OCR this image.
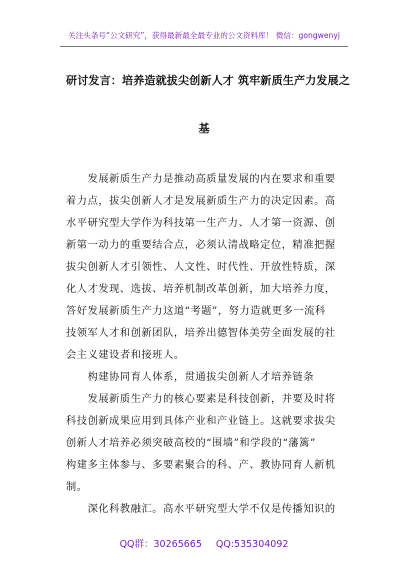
关注头条号“公文研究”，获得最新最全最专业的公文资料库！ 微信：gongwenyj
研讨发言：培养造就拔尖创新人才 筑牢新质生产力发展之
基
　　发展新质生产力是推动高质量发展的内在要求和重要
着力点，拔尖创新人才是发展新质生产力的决定因素。高
水平研究型大学作为科技第一生产力、人才第一资源、创
新第一动力的重要结合点，必须认清战略定位，精准把握
拔尖创新人才引领性、人文性、时代性、开放性特质，深
化人才发现、选拔、培养机制改革创新，加大培养力度，
答好发展新质生产力这道“考题”，努力造就更多一流科
技领军人才和创新团队，培养出德智体美劳全面发展的社
会主义建设者和接班人。
　　构建协同育人体系，贯通拔尖创新人才培养链条
　　发展新质生产力的核心要素是科技创新，并要及时将
科技创新成果应用到具体产业和产业链上。这就要求拔尖
创新人才培养必须突破高校的“围墙”和学段的“藩篱”
构建多主体参与、多要素聚合的科、产、教协同育人新机
制。
　　深化科教融汇。高水平研究型大学不仅是传播知识的
QQ群：30265665 QQ:535304092
